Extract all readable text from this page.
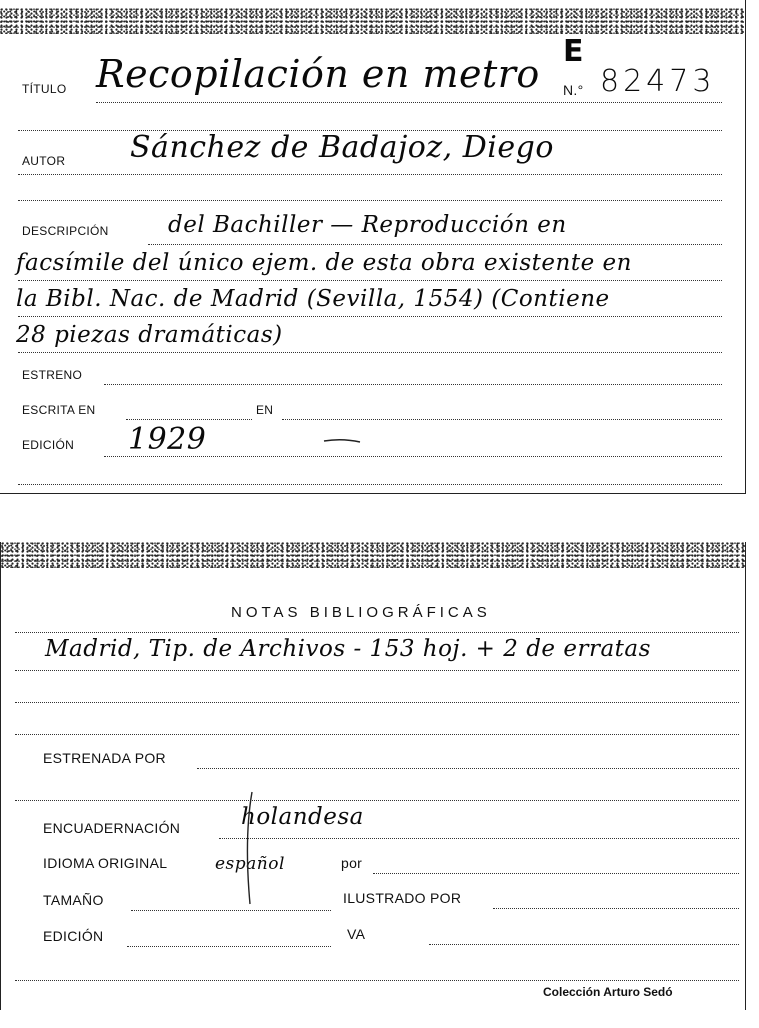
TÍTULO Recopilación en metro
E
N.° 82473
AUTOR Sánchez de Badajoz, Diego
DESCRIPCIÓN	del Bachiller — Reproducción en
facsímile del único ejem. de esta obra existente en
la Bibl. Nac. de Madrid (Sevilla, 1554) (Contiene
28 piezas dramáticas)
ESTRENO
ESCRITA EN	EN
EDICIÓN 1929
NOTAS BIBLIOGRÁFICAS
Madrid, Tip. de Archivos - 153 hoj. + 2 de erratas
ESTRENADA POR
ENCUADERNACIÓN	holandesa
IDIOMA ORIGINAL	español	por
TAMAÑO	ILUSTRADO POR
EDICIÓN	VA
Colección Arturo Sedó
